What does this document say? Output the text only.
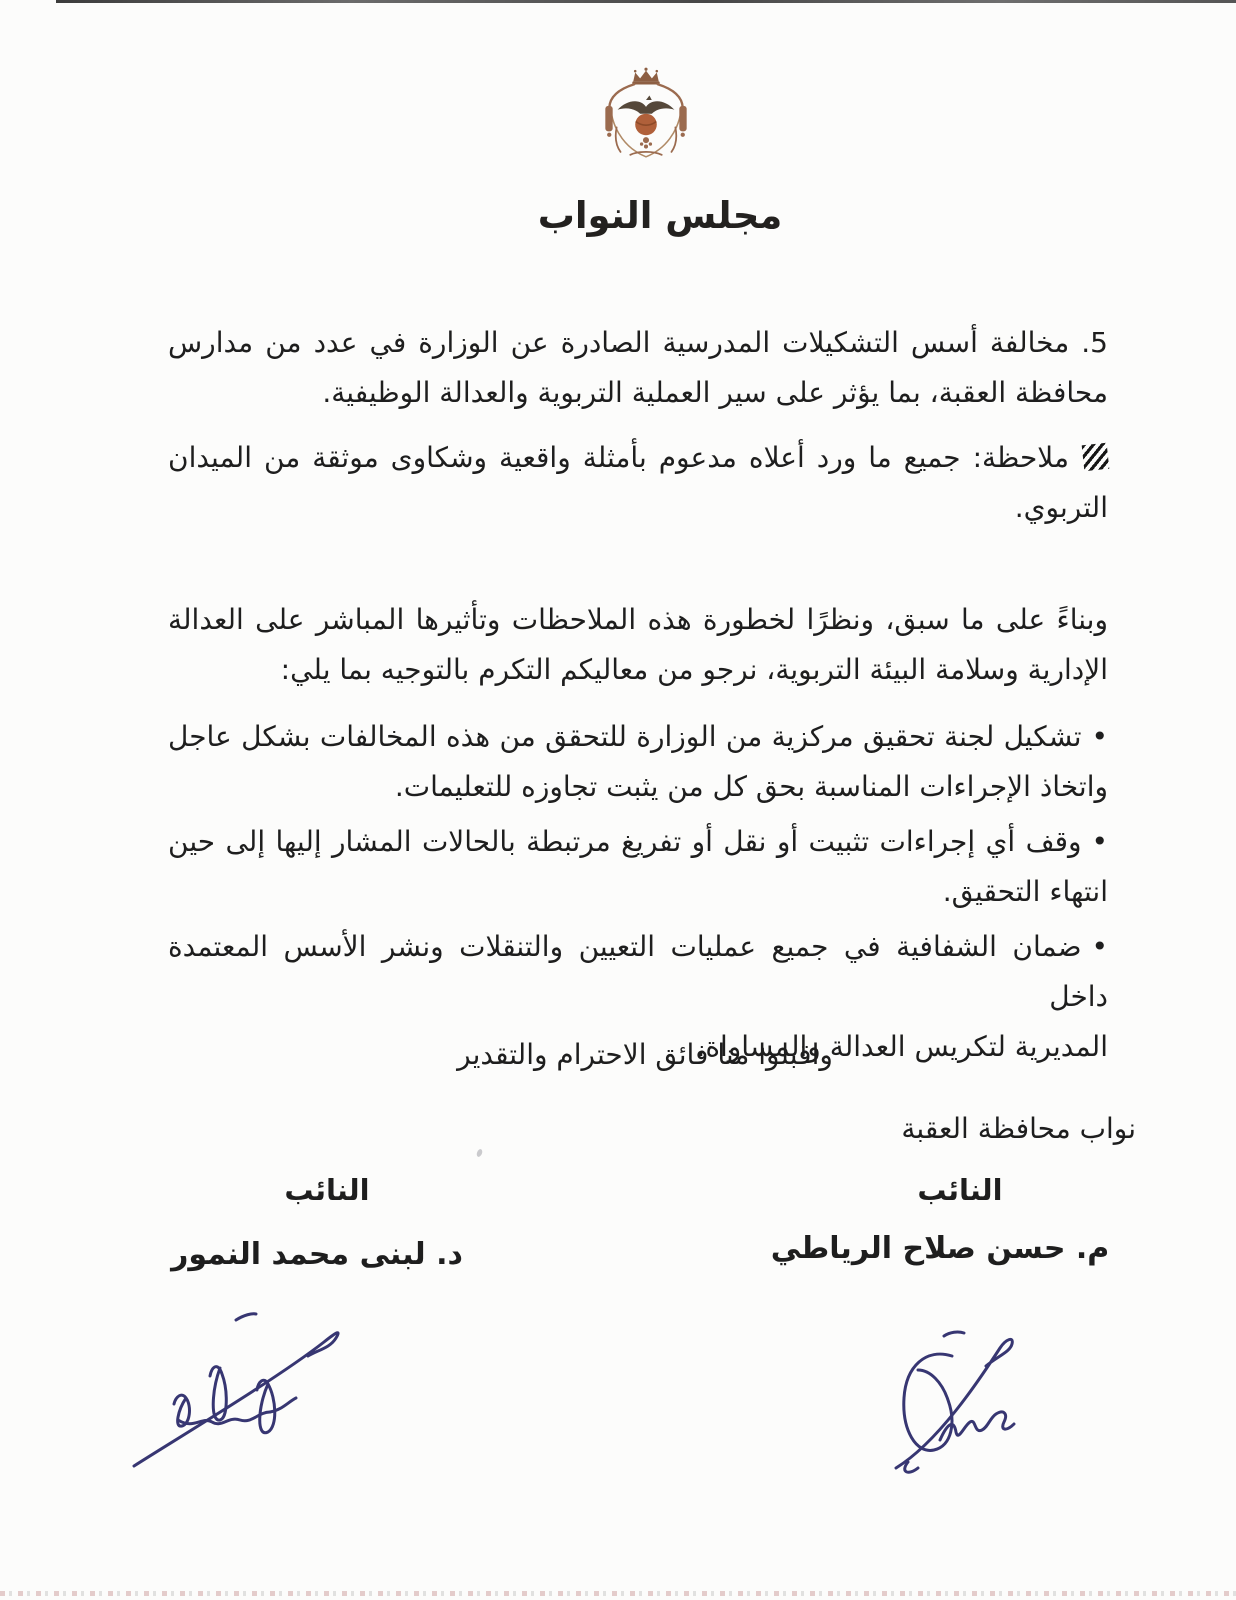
مجلس النواب
5. مخالفة أسس التشكيلات المدرسية الصادرة عن الوزارة في عدد من مدارس
محافظة العقبة، بما يؤثر على سير العملية التربوية والعدالة الوظيفية.
ملاحظة: جميع ما ورد أعلاه مدعوم بأمثلة واقعية وشكاوى موثقة من الميدان
التربوي.
وبناءً على ما سبق، ونظرًا لخطورة هذه الملاحظات وتأثيرها المباشر على العدالة
الإدارية وسلامة البيئة التربوية، نرجو من معاليكم التكرم بالتوجيه بما يلي:
•تشكيل لجنة تحقيق مركزية من الوزارة للتحقق من هذه المخالفات بشكل عاجل
واتخاذ الإجراءات المناسبة بحق كل من يثبت تجاوزه للتعليمات.
•وقف أي إجراءات تثبيت أو نقل أو تفريغ مرتبطة بالحالات المشار إليها إلى حين
انتهاء التحقيق.
•ضمان الشفافية في جميع عمليات التعيين والتنقلات ونشر الأسس المعتمدة داخل
المديرية لتكريس العدالة والمساواة.
واقبلوا منا فائق الاحترام والتقدير
نواب محافظة العقبة
النائب
النائب
م. حسن صلاح الرياطي
د. لبنى محمد النمور
